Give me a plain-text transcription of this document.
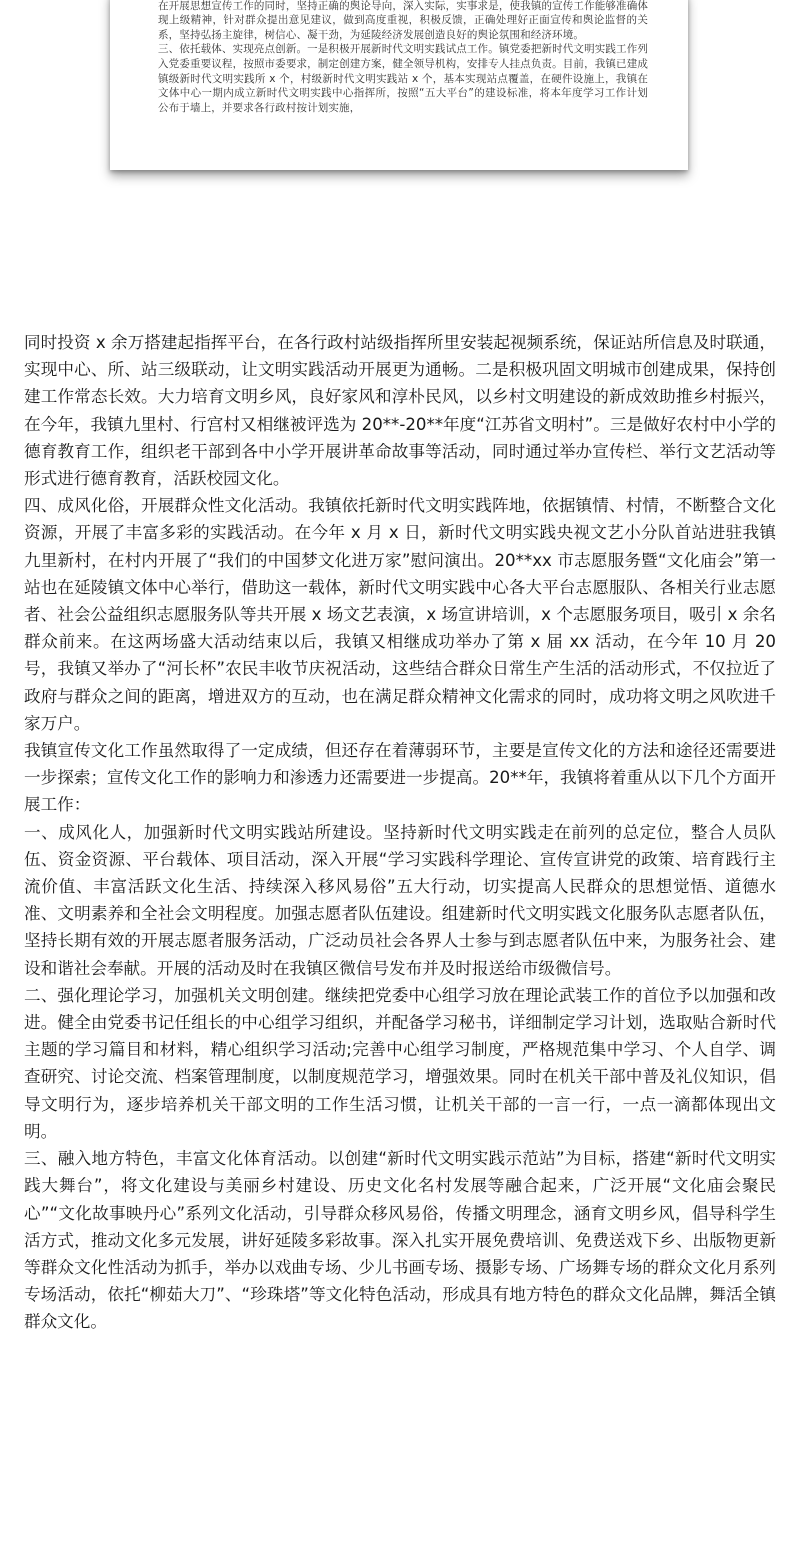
在开展思想宣传工作的同时，坚持正确的舆论导向，深入实际，实事求是，使我镇的宣传工作能够准确体现上级精神，针对群众提出意见建议，做到高度重视，积极反馈，正确处理好正面宣传和舆论监督的关系，坚持弘扬主旋律，树信心、凝干劲，为延陵经济发展创造良好的舆论氛围和经济环境。

三、依托载体、实现亮点创新。一是积极开展新时代文明实践试点工作。镇党委把新时代文明实践工作列入党委重要议程，按照市委要求，制定创建方案，健全领导机构，安排专人挂点负责。目前，我镇已建成镇级新时代文明实践所 x 个，村级新时代文明实践站 x 个，基本实现站点覆盖，在硬件设施上，我镇在文体中心一期内成立新时代文明实践中心指挥所，按照“五大平台”的建设标准，将本年度学习工作计划公布于墙上，并要求各行政村按计划实施，

同时投资 x 余万搭建起指挥平台，在各行政村站级指挥所里安装起视频系统，保证站所信息及时联通，实现中心、所、站三级联动，让文明实践活动开展更为通畅。二是积极巩固文明城市创建成果，保持创建工作常态长效。大力培育文明乡风，良好家风和淳朴民风，以乡村文明建设的新成效助推乡村振兴，在今年，我镇九里村、行宫村又相继被评选为 20**-20**年度“江苏省文明村”。三是做好农村中小学的德育教育工作，组织老干部到各中小学开展讲革命故事等活动，同时通过举办宣传栏、举行文艺活动等形式进行德育教育，活跃校园文化。

四、成风化俗，开展群众性文化活动。我镇依托新时代文明实践阵地，依据镇情、村情，不断整合文化资源，开展了丰富多彩的实践活动。在今年 x 月 x 日，新时代文明实践央视文艺小分队首站进驻我镇九里新村，在村内开展了“我们的中国梦文化进万家”慰问演出。20**xx 市志愿服务暨“文化庙会”第一站也在延陵镇文体中心举行，借助这一载体，新时代文明实践中心各大平台志愿服队、各相关行业志愿者、社会公益组织志愿服务队等共开展 x 场文艺表演，x 场宣讲培训，x 个志愿服务项目，吸引 x 余名群众前来。在这两场盛大活动结束以后，我镇又相继成功举办了第 x 届 xx 活动，在今年 10 月 20 号，我镇又举办了“河长杯”农民丰收节庆祝活动，这些结合群众日常生产生活的活动形式，不仅拉近了政府与群众之间的距离，增进双方的互动，也在满足群众精神文化需求的同时，成功将文明之风吹进千家万户。

我镇宣传文化工作虽然取得了一定成绩，但还存在着薄弱环节，主要是宣传文化的方法和途径还需要进一步探索；宣传文化工作的影响力和渗透力还需要进一步提高。20**年，我镇将着重从以下几个方面开展工作：

一、成风化人，加强新时代文明实践站所建设。坚持新时代文明实践走在前列的总定位，整合人员队伍、资金资源、平台载体、项目活动，深入开展“学习实践科学理论、宣传宣讲党的政策、培育践行主流价值、丰富活跃文化生活、持续深入移风易俗”五大行动，切实提高人民群众的思想觉悟、道德水准、文明素养和全社会文明程度。加强志愿者队伍建设。组建新时代文明实践文化服务队志愿者队伍，坚持长期有效的开展志愿者服务活动，广泛动员社会各界人士参与到志愿者队伍中来，为服务社会、建设和谐社会奉献。开展的活动及时在我镇区微信号发布并及时报送给市级微信号。

二、强化理论学习，加强机关文明创建。继续把党委中心组学习放在理论武装工作的首位予以加强和改进。健全由党委书记任组长的中心组学习组织，并配备学习秘书，详细制定学习计划，选取贴合新时代主题的学习篇目和材料，精心组织学习活动;完善中心组学习制度，严格规范集中学习、个人自学、调查研究、讨论交流、档案管理制度，以制度规范学习，增强效果。同时在机关干部中普及礼仪知识，倡导文明行为，逐步培养机关干部文明的工作生活习惯，让机关干部的一言一行，一点一滴都体现出文明。

三、融入地方特色，丰富文化体育活动。以创建“新时代文明实践示范站”为目标，搭建“新时代文明实践大舞台”，将文化建设与美丽乡村建设、历史文化名村发展等融合起来，广泛开展“文化庙会聚民心”“文化故事映丹心”系列文化活动，引导群众移风易俗，传播文明理念，涵育文明乡风，倡导科学生活方式，推动文化多元发展，讲好延陵多彩故事。深入扎实开展免费培训、免费送戏下乡、出版物更新等群众文化性活动为抓手，举办以戏曲专场、少儿书画专场、摄影专场、广场舞专场的群众文化月系列专场活动，依托“柳茹大刀”、“珍珠塔”等文化特色活动，形成具有地方特色的群众文化品牌，舞活全镇群众文化。
